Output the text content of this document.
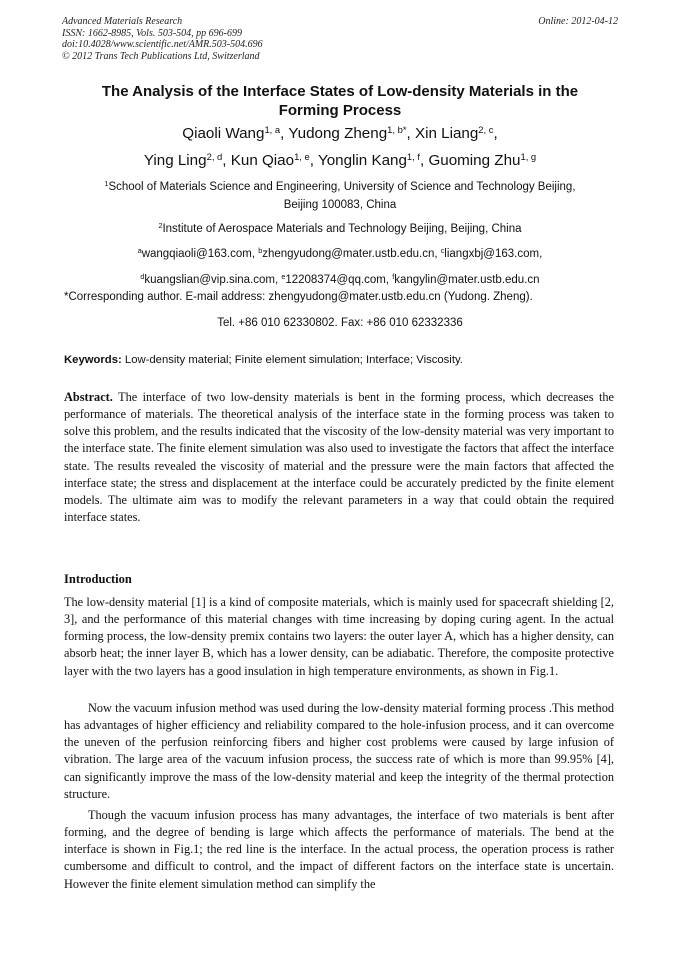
Advanced Materials Research
ISSN: 1662-8985, Vols. 503-504, pp 696-699
doi:10.4028/www.scientific.net/AMR.503-504.696
© 2012 Trans Tech Publications Ltd, Switzerland
Online: 2012-04-12
The Analysis of the Interface States of Low-density Materials in the
Forming Process
Qiaoli Wang$^{1, a}$, Yudong Zheng$^{1, b*}$, Xin Liang$^{2, c}$,
Ying Ling$^{2, d}$, Kun Qiao$^{1, e}$, Yonglin Kang$^{1, f}$, Guoming Zhu$^{1, g}$
$^1$School of Materials Science and Engineering, University of Science and Technology Beijing,
Beijing 100083, China
$^2$Institute of Aerospace Materials and Technology Beijing, Beijing, China
$^a$wangqiaoli@163.com, $^b$zhengyudong@mater.ustb.edu.cn, $^c$liangxbj@163.com,
$^d$kuangslian@vip.sina.com, $^e$12208374@qq.com, $^f$kangylin@mater.ustb.edu.cn
*Corresponding author. E-mail address: zhengyudong@mater.ustb.edu.cn (Yudong. Zheng).
Tel. +86 010 62330802. Fax: +86 010 62332336
Keywords: Low-density material; Finite element simulation; Interface; Viscosity.
Abstract. The interface of two low-density materials is bent in the forming process, which decreases the performance of materials. The theoretical analysis of the interface state in the forming process was taken to solve this problem, and the results indicated that the viscosity of the low-density material was very important to the interface state. The finite element simulation was also used to investigate the factors that affect the interface state. The results revealed the viscosity of material and the pressure were the main factors that affected the interface state; the stress and displacement at the interface could be accurately predicted by the finite element models. The ultimate aim was to modify the relevant parameters in a way that could obtain the required interface states.
Introduction
The low-density material [1] is a kind of composite materials, which is mainly used for spacecraft shielding [2, 3], and the performance of this material changes with time increasing by doping curing agent. In the actual forming process, the low-density premix contains two layers: the outer layer A, which has a higher density, can absorb heat; the inner layer B, which has a lower density, can be adiabatic. Therefore, the composite protective layer with the two layers has a good insulation in high temperature environments, as shown in Fig.1.
Now the vacuum infusion method was used during the low-density material forming process .This method has advantages of higher efficiency and reliability compared to the hole-infusion process, and it can overcome the uneven of the perfusion reinforcing fibers and higher cost problems were caused by large infusion of vibration. The large area of the vacuum infusion process, the success rate of which is more than 99.95% [4], can significantly improve the mass of the low-density material and keep the integrity of the thermal protection structure.
Though the vacuum infusion process has many advantages, the interface of two materials is bent after forming, and the degree of bending is large which affects the performance of materials. The bend at the interface is shown in Fig.1; the red line is the interface. In the actual process, the operation process is rather cumbersome and difficult to control, and the impact of different factors on the interface state is uncertain. However the finite element simulation method can simplify the
